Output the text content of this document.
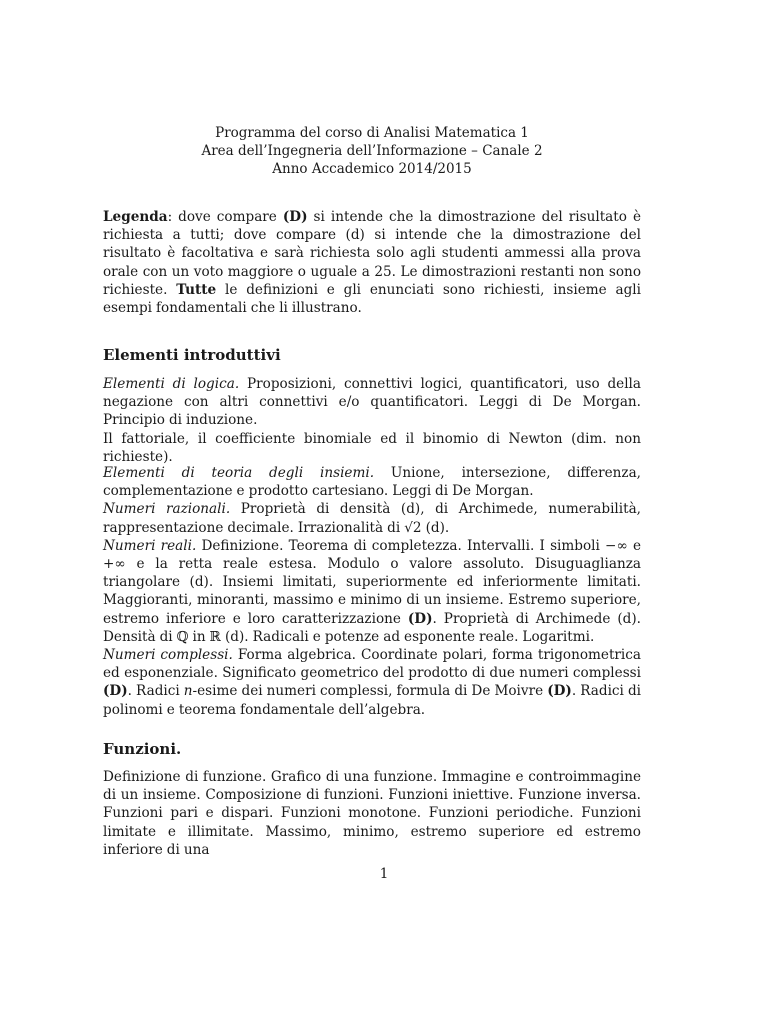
Programma del corso di Analisi Matematica 1
Area dell’Ingegneria dell’Informazione – Canale 2
Anno Accademico 2014/2015

Legenda: dove compare (D) si intende che la dimostrazione del risultato è richiesta a tutti; dove compare (d) si intende che la dimostrazione del risultato è facoltativa e sarà richiesta solo agli studenti ammessi alla prova orale con un voto maggiore o uguale a 25. Le dimostrazioni restanti non sono richieste. Tutte le definizioni e gli enunciati sono richiesti, insieme agli esempi fondamentali che li illustrano.

Elementi introduttivi

Elementi di logica. Proposizioni, connettivi logici, quantificatori, uso della negazione con altri connettivi e/o quantificatori. Leggi di De Morgan. Principio di induzione.
Il fattoriale, il coefficiente binomiale ed il binomio di Newton (dim. non richieste).

Elementi di teoria degli insiemi. Unione, intersezione, differenza, complementazione e prodotto cartesiano. Leggi di De Morgan.
Numeri razionali. Proprietà di densità (d), di Archimede, numerabilità, rappresentazione decimale. Irrazionalità di √2 (d).
Numeri reali. Definizione. Teorema di completezza. Intervalli. I simboli −∞ e +∞ e la retta reale estesa. Modulo o valore assoluto. Disuguaglianza triangolare (d). Insiemi limitati, superiormente ed inferiormente limitati. Maggioranti, minoranti, massimo e minimo di un insieme. Estremo superiore, estremo inferiore e loro caratterizzazione (D). Proprietà di Archimede (d). Densità di ℚ in ℝ (d). Radicali e potenze ad esponente reale. Logaritmi.
Numeri complessi. Forma algebrica. Coordinate polari, forma trigonometrica ed esponenziale. Significato geometrico del prodotto di due numeri complessi (D). Radici n-esime dei numeri complessi, formula di De Moivre (D). Radici di polinomi e teorema fondamentale dell’algebra.

Funzioni.

Definizione di funzione. Grafico di una funzione. Immagine e controimmagine di un insieme. Composizione di funzioni. Funzioni iniettive. Funzione inversa. Funzioni pari e dispari. Funzioni monotone. Funzioni periodiche. Funzioni limitate e illimitate. Massimo, minimo, estremo superiore ed estremo inferiore di una

1
